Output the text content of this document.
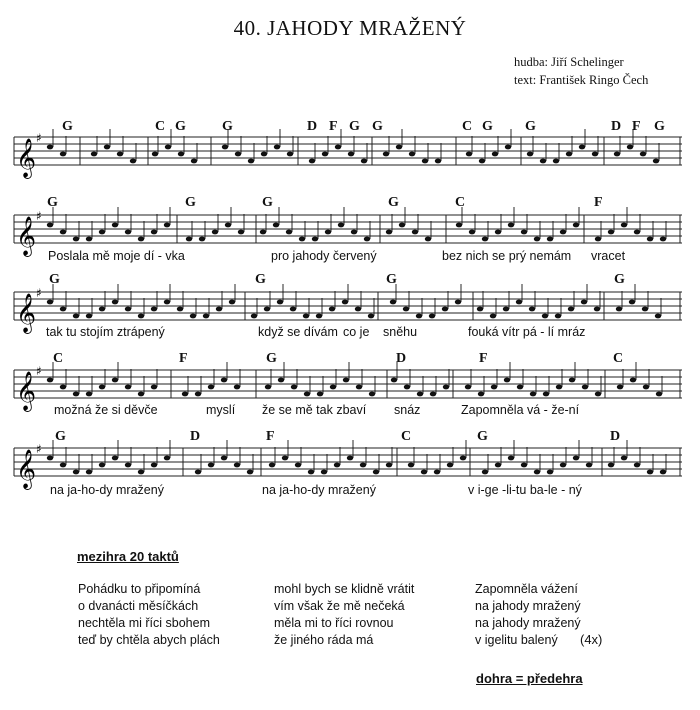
40. JAHODY MRAŽENÝ
hudba: Jiří Schelinger
text: František Ringo Čech
𝄞 ♯
G	C G	G	D F G G	C G G	D F G
𝄞 ♯
G	G	G	G	C	F
Poslala mě moje dí - vka	pro jahody červený	bez nich se prý nemám vracet
𝄞 ♯
G	G	G	G
tak tu stojím ztrápený	když se dívám co je sněhu	fouká vítr pá - lí mráz
𝄞 ♯
C	F	G	D	F	C
možná že si děvče	myslí že se mě tak zbaví snáz	Zapomněla vá - že-ní
𝄞 ♯
G	D	F	C	G	D
na ja-ho-dy mražený	na ja-ho-dy mražený	v i-ge -li-tu ba-le - ný
mezihra 20 taktů
Pohádku to připomíná
o dvanácti měsíčkách
nechtěla mi říci sbohem
teď by chtěla abych plách
mohl bych se klidně vrátit
vím však že mě nečeká
měla mi to říci rovnou
že jiného ráda má
Zapomněla vážení
na jahody mražený
na jahody mražený
v igelitu balený	(4x)
dohra = předehra
